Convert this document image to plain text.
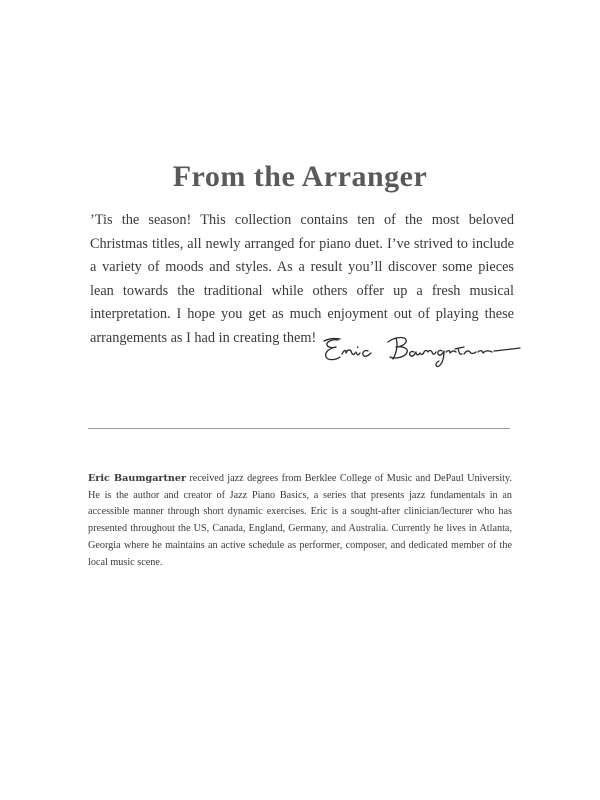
From the Arranger

’Tis the season! This collection contains ten of the most beloved Christmas titles, all newly arranged for piano duet. I’ve strived to include a variety of moods and styles. As a result you’ll discover some pieces lean towards the traditional while others offer up a fresh musical interpretation. I hope you get as much enjoyment out of playing these arrangements as I had in creating them!

Eric Baumgartner received jazz degrees from Berklee College of Music and DePaul University. He is the author and creator of Jazz Piano Basics, a series that presents jazz fundamentals in an accessible manner through short dynamic exercises. Eric is a sought-after clinician/lecturer who has presented throughout the US, Canada, England, Germany, and Australia. Currently he lives in Atlanta, Georgia where he maintains an active schedule as performer, composer, and dedicated member of the local music scene.
